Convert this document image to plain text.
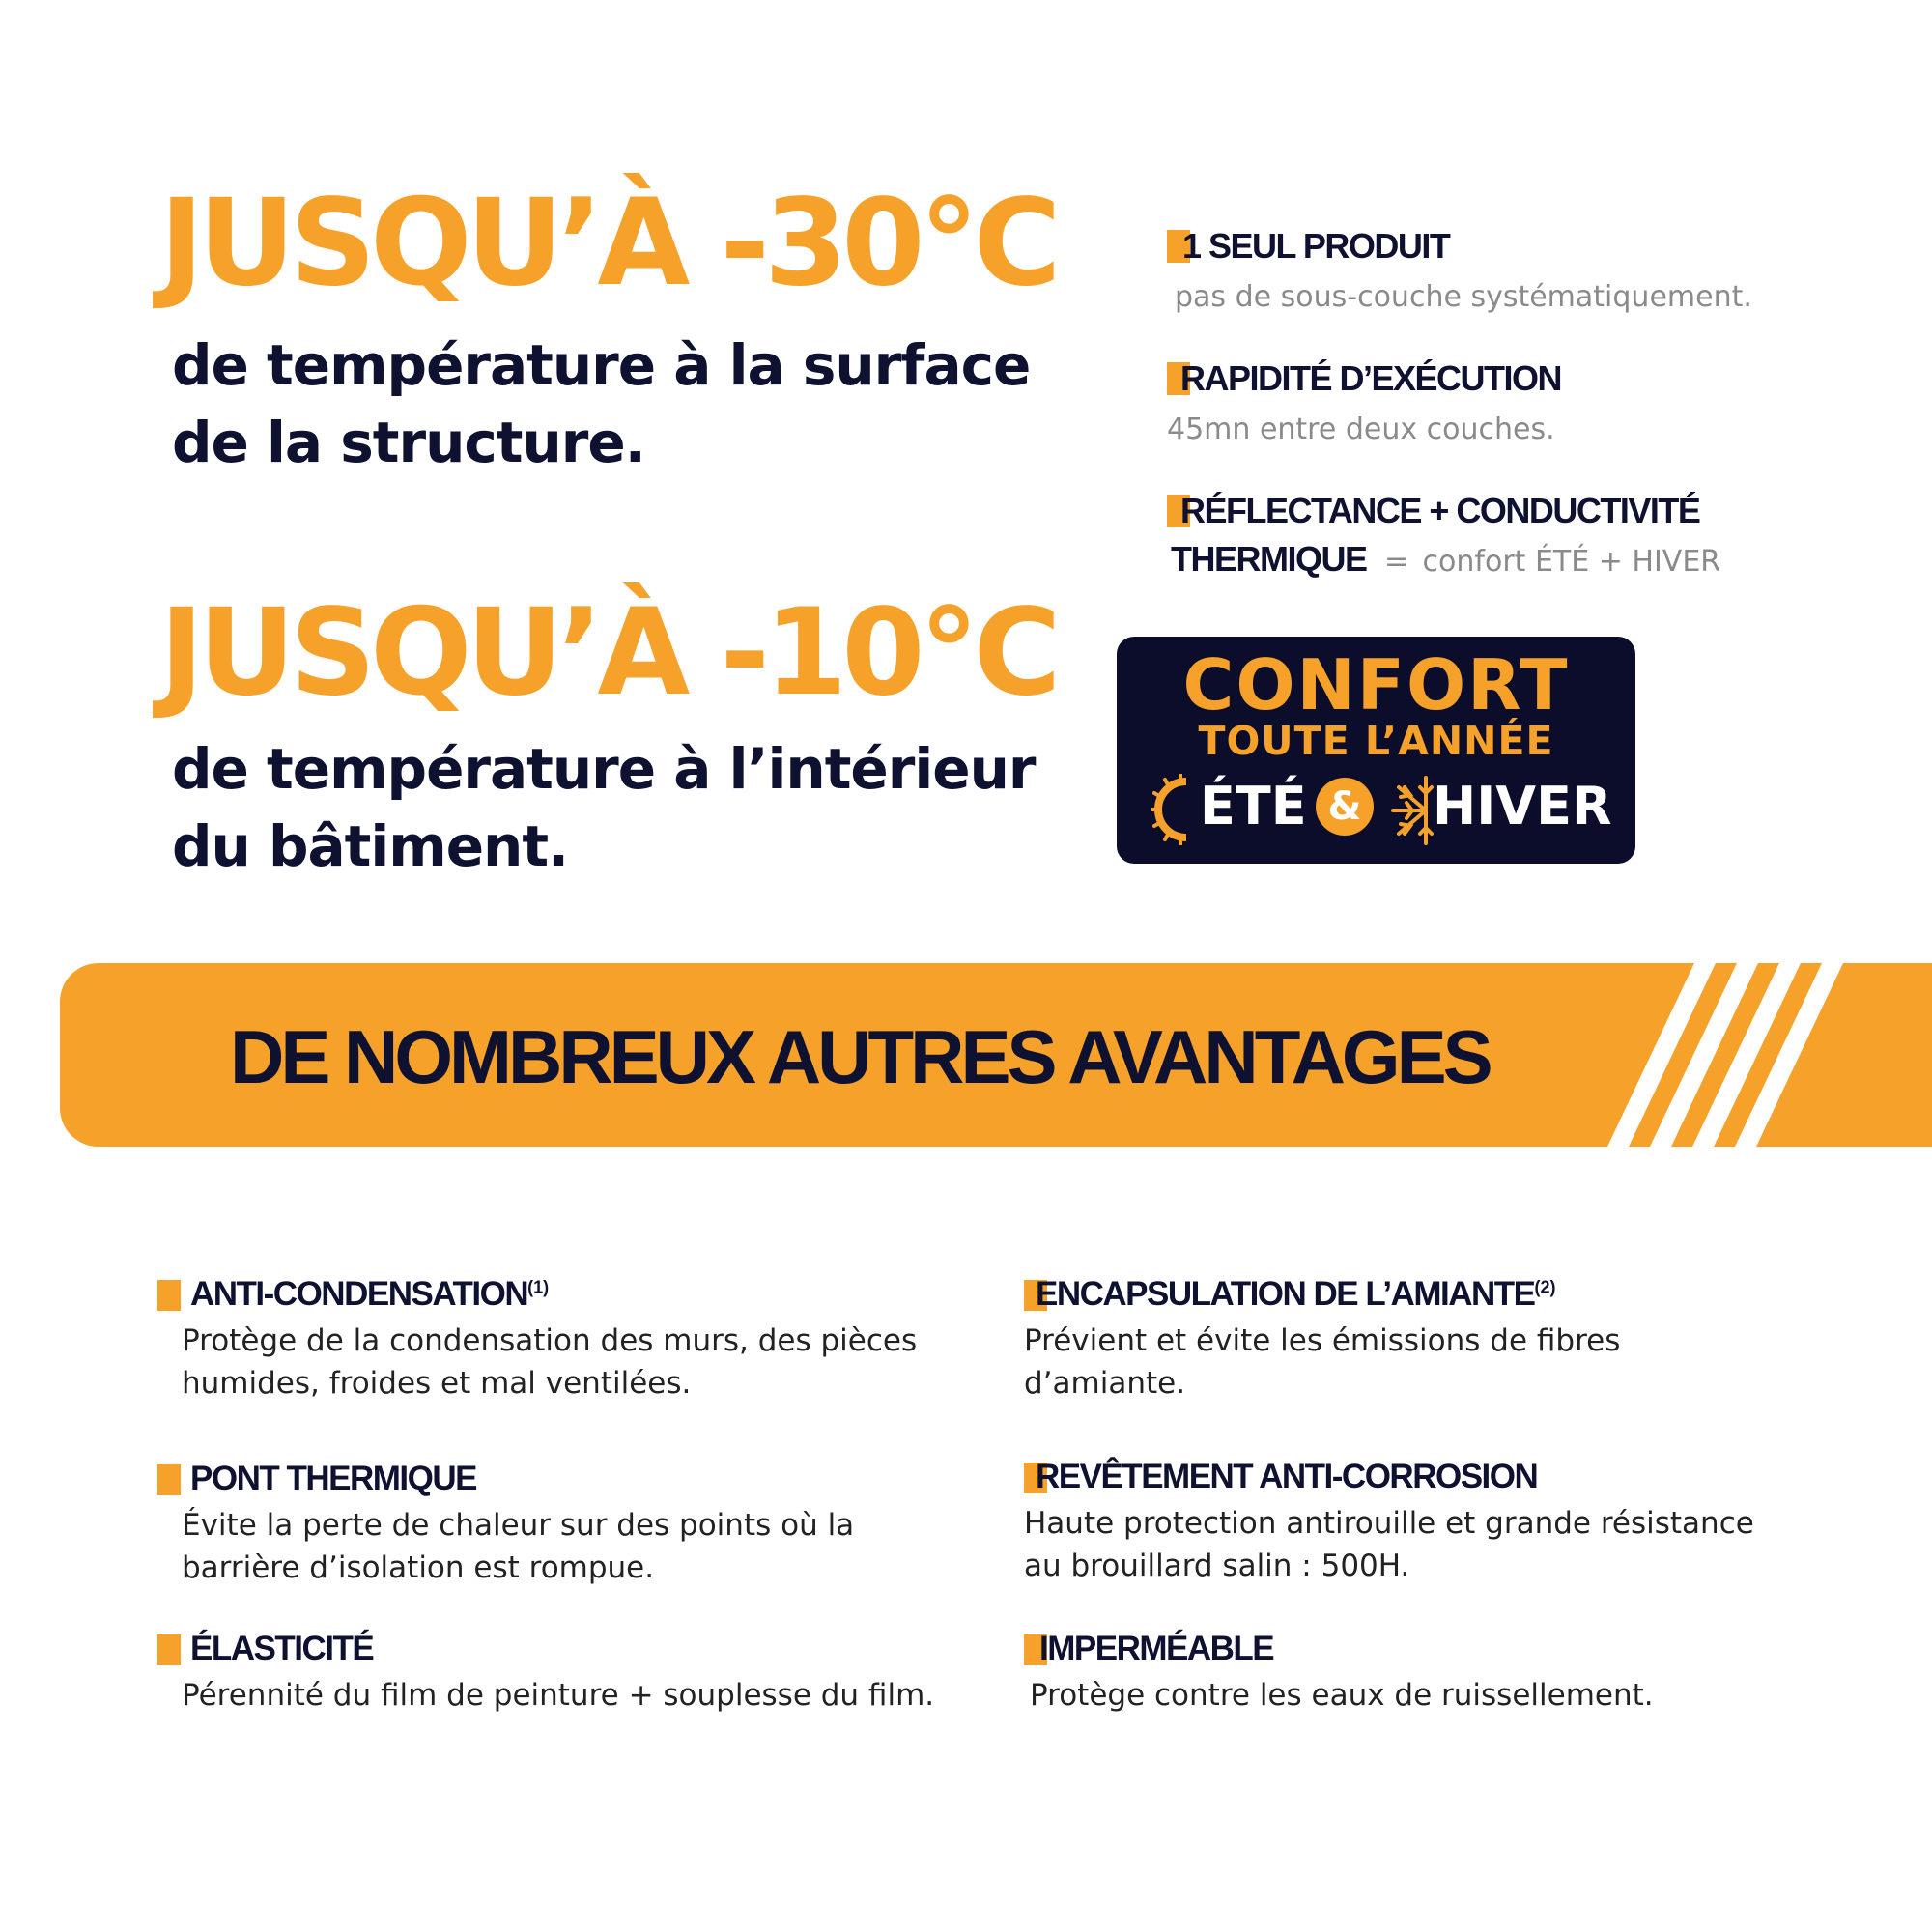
JUSQU’À -30°C
de température à la surface
de la structure.
JUSQU’À -10°C
de température à l’intérieur
du bâtiment.
1 SEUL PRODUIT
pas de sous-couche systématiquement.
RAPIDITÉ D’EXÉCUTION
45mn entre deux couches.
RÉFLECTANCE + CONDUCTIVITÉ
THERMIQUE = confort ÉTÉ + HIVER
CONFORT
TOUTE L’ANNÉE
ÉTÉ & HIVER
DE NOMBREUX AUTRES AVANTAGES
ANTI-CONDENSATION$^{(1)}$
Protège de la condensation des murs, des pièces
humides, froides et mal ventilées.
ENCAPSULATION DE L’AMIANTE$^{(2)}$
Prévient et évite les émissions de fibres
d’amiante.
PONT THERMIQUE
Évite la perte de chaleur sur des points où la
barrière d’isolation est rompue.
REVÊTEMENT ANTI-CORROSION
Haute protection antirouille et grande résistance
au brouillard salin : 500H.
ÉLASTICITÉ
Pérennité du film de peinture + souplesse du film.
IMPERMÉABLE
Protège contre les eaux de ruissellement.
